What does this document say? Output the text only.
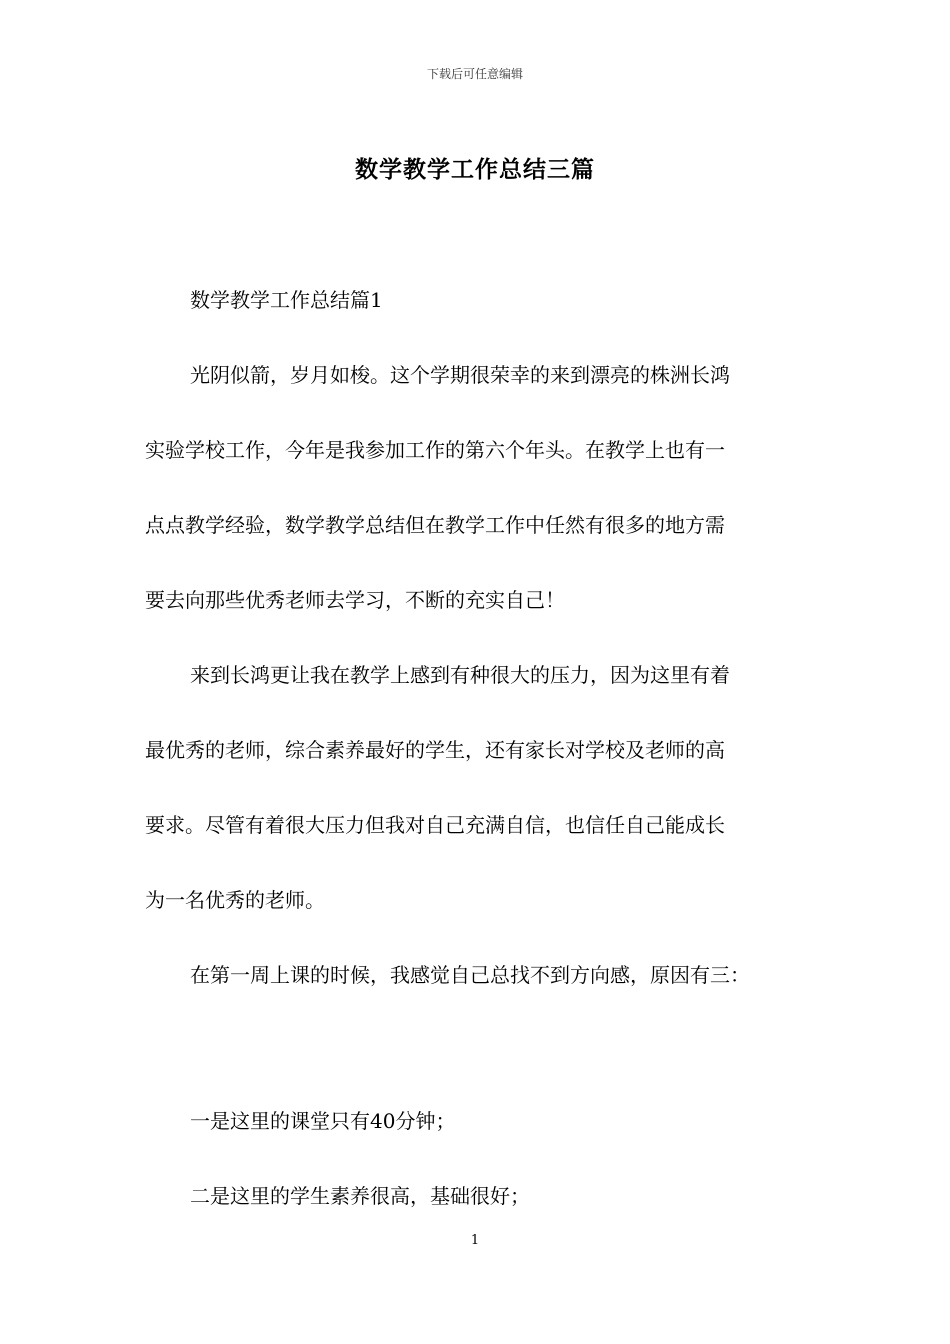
下载后可任意编辑
数学教学工作总结三篇
数学教学工作总结篇1
光阴似箭，岁月如梭。这个学期很荣幸的来到漂亮的株洲长鸿
实验学校工作，今年是我参加工作的第六个年头。在教学上也有一
点点教学经验，数学教学总结但在教学工作中任然有很多的地方需
要去向那些优秀老师去学习，不断的充实自己！
来到长鸿更让我在教学上感到有种很大的压力，因为这里有着
最优秀的老师，综合素养最好的学生，还有家长对学校及老师的高
要求。尽管有着很大压力但我对自己充满自信，也信任自己能成长
为一名优秀的老师。
在第一周上课的时候，我感觉自己总找不到方向感，原因有三：
一是这里的课堂只有40分钟；
二是这里的学生素养很高，基础很好；
1
